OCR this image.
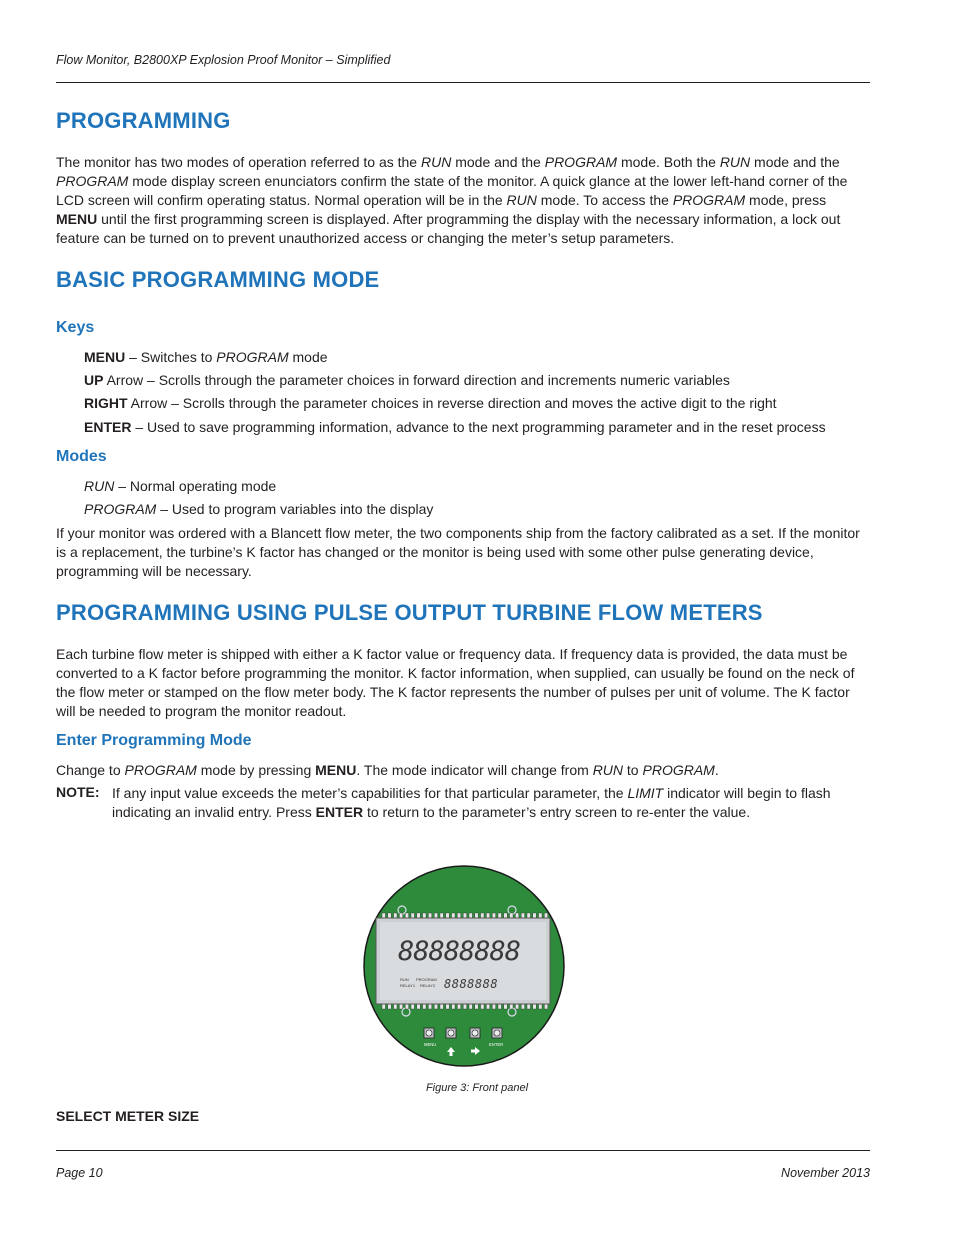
Flow Monitor, B2800XP Explosion Proof Monitor – Simplified
PROGRAMMING
The monitor has two modes of operation referred to as the RUN mode and the PROGRAM mode. Both the RUN mode and the PROGRAM mode display screen enunciators confirm the state of the monitor. A quick glance at the lower left-hand corner of the LCD screen will confirm operating status. Normal operation will be in the RUN mode. To access the PROGRAM mode, press MENU until the first programming screen is displayed. After programming the display with the necessary information, a lock out feature can be turned on to prevent unauthorized access or changing the meter’s setup parameters.
BASIC PROGRAMMING MODE
Keys
MENU – Switches to PROGRAM mode
UP Arrow – Scrolls through the parameter choices in forward direction and increments numeric variables
RIGHT Arrow – Scrolls through the parameter choices in reverse direction and moves the active digit to the right
ENTER – Used to save programming information, advance to the next programming parameter and in the reset process
Modes
RUN – Normal operating mode
PROGRAM – Used to program variables into the display
If your monitor was ordered with a Blancett flow meter, the two components ship from the factory calibrated as a set. If the monitor is a replacement, the turbine’s K factor has changed or the monitor is being used with some other pulse generating device, programming will be necessary.
PROGRAMMING USING PULSE OUTPUT TURBINE FLOW METERS
Each turbine flow meter is shipped with either a K factor value or frequency data. If frequency data is provided, the data must be converted to a K factor before programming the monitor. K factor information, when supplied, can usually be found on the neck of the flow meter or stamped on the flow meter body. The K factor represents the number of pulses per unit of volume. The K factor will be needed to program the monitor readout.
Enter Programming Mode
Change to PROGRAM mode by pressing MENU. The mode indicator will change from RUN to PROGRAM.
NOTE: If any input value exceeds the meter’s capabilities for that particular parameter, the LIMIT indicator will begin to flash indicating an invalid entry. Press ENTER to return to the parameter’s entry screen to re-enter the value.
88888888
RUN PROGRAM
RELAY1 RELAY2 8888888
MENU	ENTER
Figure 3: Front panel
SELECT METER SIZE
Page 10	November 2013
